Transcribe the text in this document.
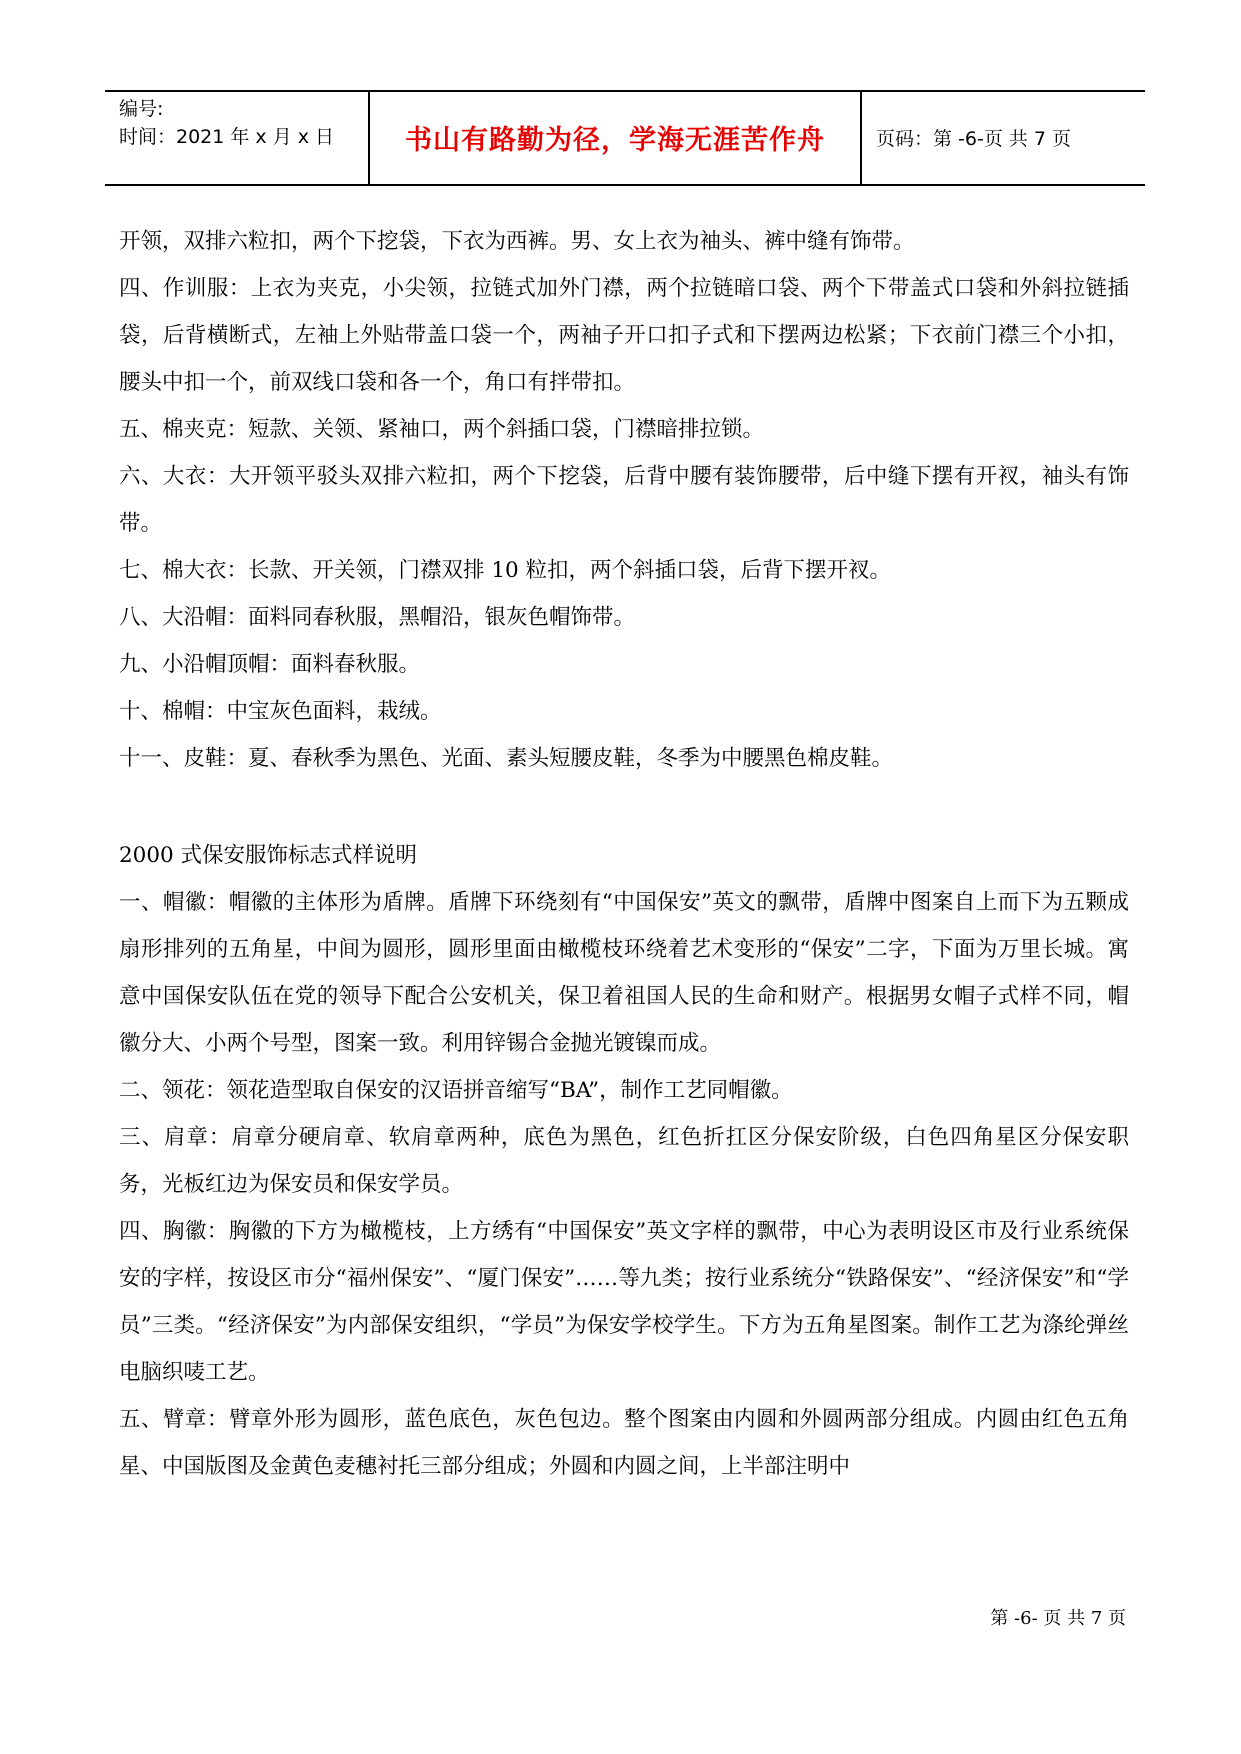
编号:
时间：2021 年 x 月 x 日	书山有路勤为径，学海无涯苦作舟	页码：第 -6-页 共 7 页

开领，双排六粒扣，两个下挖袋，下衣为西裤。男、女上衣为袖头、裤中缝有饰带。

四、作训服：上衣为夹克，小尖领，拉链式加外门襟，两个拉链暗口袋、两个下带盖式口袋和外斜拉链插袋，后背横断式，左袖上外贴带盖口袋一个，两袖子开口扣子式和下摆两边松紧；下衣前门襟三个小扣，腰头中扣一个，前双线口袋和各一个，角口有拌带扣。

五、棉夹克：短款、关领、紧袖口，两个斜插口袋，门襟暗排拉锁。

六、大衣：大开领平驳头双排六粒扣，两个下挖袋，后背中腰有装饰腰带，后中缝下摆有开衩，袖头有饰带。

七、棉大衣：长款、开关领，门襟双排 10 粒扣，两个斜插口袋，后背下摆开衩。

八、大沿帽：面料同春秋服，黑帽沿，银灰色帽饰带。

九、小沿帽顶帽：面料春秋服。

十、棉帽：中宝灰色面料，栽绒。

十一、皮鞋：夏、春秋季为黑色、光面、素头短腰皮鞋，冬季为中腰黑色棉皮鞋。

2000 式保安服饰标志式样说明

一、帽徽：帽徽的主体形为盾牌。盾牌下环绕刻有“中国保安”英文的飘带，盾牌中图案自上而下为五颗成扇形排列的五角星，中间为圆形，圆形里面由橄榄枝环绕着艺术变形的“保安”二字，下面为万里长城。寓意中国保安队伍在党的领导下配合公安机关，保卫着祖国人民的生命和财产。根据男女帽子式样不同，帽徽分大、小两个号型，图案一致。利用锌锡合金抛光镀镍而成。

二、领花：领花造型取自保安的汉语拼音缩写“BA”，制作工艺同帽徽。

三、肩章：肩章分硬肩章、软肩章两种，底色为黑色，红色折扛区分保安阶级，白色四角星区分保安职务，光板红边为保安员和保安学员。

四、胸徽：胸徽的下方为橄榄枝，上方绣有“中国保安”英文字样的飘带，中心为表明设区市及行业系统保安的字样，按设区市分“福州保安”、“厦门保安”……等九类；按行业系统分“铁路保安”、“经济保安”和“学员”三类。“经济保安”为内部保安组织，“学员”为保安学校学生。下方为五角星图案。制作工艺为涤纶弹丝电脑织唛工艺。

五、臂章：臂章外形为圆形，蓝色底色，灰色包边。整个图案由内圆和外圆两部分组成。内圆由红色五角星、中国版图及金黄色麦穗衬托三部分组成；外圆和内圆之间，上半部注明中

第 -6- 页 共 7 页
